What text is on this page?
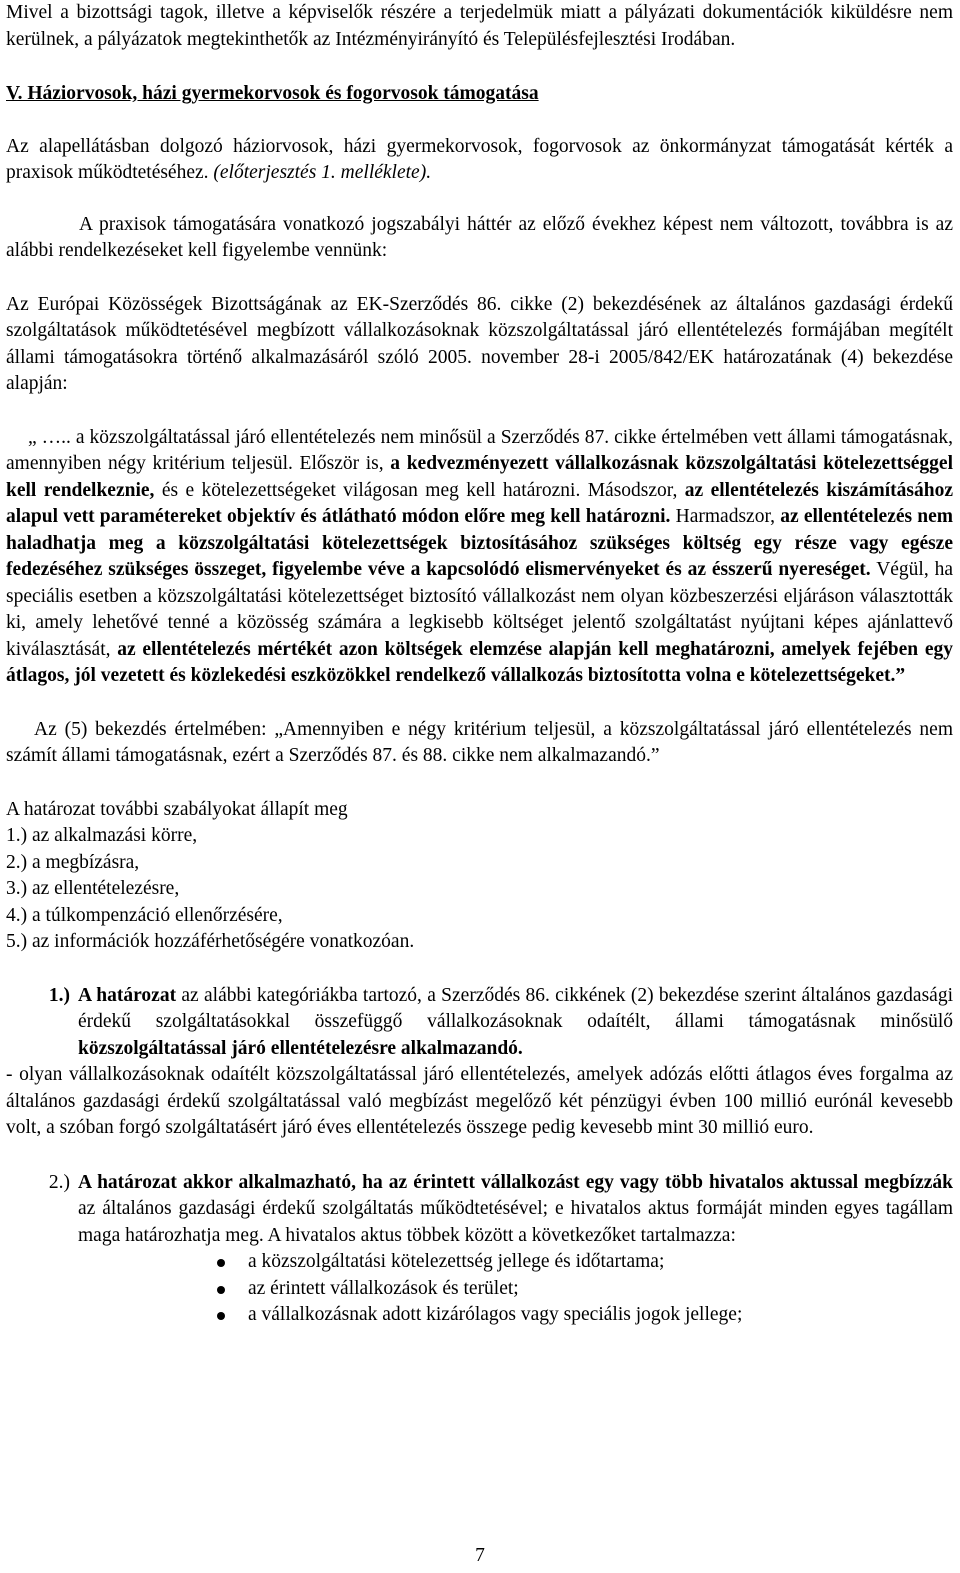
Mivel a bizottsági tagok, illetve a képviselők részére a terjedelmük miatt a pályázati dokumentációk kiküldésre nem kerülnek, a pályázatok megtekinthetők az Intézményirányító és Településfejlesztési Irodában.

V. Háziorvosok, házi gyermekorvosok és fogorvosok támogatása

Az alapellátásban dolgozó háziorvosok, házi gyermekorvosok, fogorvosok az önkormányzat támogatását kérték a praxisok működtetéséhez. (előterjesztés 1. melléklete).

A praxisok támogatására vonatkozó jogszabályi háttér az előző évekhez képest nem változott, továbbra is az alábbi rendelkezéseket kell figyelembe vennünk:

Az Európai Közösségek Bizottságának az EK-Szerződés 86. cikke (2) bekezdésének az általános gazdasági érdekű szolgáltatások működtetésével megbízott vállalkozásoknak közszolgáltatással járó ellentételezés formájában megítélt állami támogatásokra történő alkalmazásáról szóló 2005. november 28-i 2005/842/EK határozatának (4) bekezdése alapján:

„ ….. a közszolgáltatással járó ellentételezés nem minősül a Szerződés 87. cikke értelmében vett állami támogatásnak, amennyiben négy kritérium teljesül. Először is, a kedvezményezett vállalkozásnak közszolgáltatási kötelezettséggel kell rendelkeznie, és e kötelezettségeket világosan meg kell határozni. Másodszor, az ellentételezés kiszámításához alapul vett paramétereket objektív és átlátható módon előre meg kell határozni. Harmadszor, az ellentételezés nem haladhatja meg a közszolgáltatási kötelezettségek biztosításához szükséges költség egy része vagy egésze fedezéséhez szükséges összeget, figyelembe véve a kapcsolódó elismervényeket és az ésszerű nyereséget. Végül, ha speciális esetben a közszolgáltatási kötelezettséget biztosító vállalkozást nem olyan közbeszerzési eljáráson választották ki, amely lehetővé tenné a közösség számára a legkisebb költséget jelentő szolgáltatást nyújtani képes ajánlattevő kiválasztását, az ellentételezés mértékét azon költségek elemzése alapján kell meghatározni, amelyek fejében egy átlagos, jól vezetett és közlekedési eszközökkel rendelkező vállalkozás biztosította volna e kötelezettségeket.”

Az (5) bekezdés értelmében: „Amennyiben e négy kritérium teljesül, a közszolgáltatással járó ellentételezés nem számít állami támogatásnak, ezért a Szerződés 87. és 88. cikke nem alkalmazandó.”

A határozat további szabályokat állapít meg

1.) az alkalmazási körre,

2.) a megbízásra,

3.) az ellentételezésre,

4.) a túlkompenzáció ellenőrzésére,

5.) az információk hozzáférhetőségére vonatkozóan.

1.) A határozat az alábbi kategóriákba tartozó, a Szerződés 86. cikkének (2) bekezdése szerint általános gazdasági érdekű szolgáltatásokkal összefüggő vállalkozásoknak odaítélt, állami támogatásnak minősülő közszolgáltatással járó ellentételezésre alkalmazandó.

- olyan vállalkozásoknak odaítélt közszolgáltatással járó ellentételezés, amelyek adózás előtti átlagos éves forgalma az általános gazdasági érdekű szolgáltatással való megbízást megelőző két pénzügyi évben 100 millió eurónál kevesebb volt, a szóban forgó szolgáltatásért járó éves ellentételezés összege pedig kevesebb mint 30 millió euro.

2.) A határozat akkor alkalmazható, ha az érintett vállalkozást egy vagy több hivatalos aktussal megbízzák az általános gazdasági érdekű szolgáltatás működtetésével; e hivatalos aktus formáját minden egyes tagállam maga határozhatja meg. A hivatalos aktus többek között a következőket tartalmazza:

a közszolgáltatási kötelezettség jellege és időtartama;
az érintett vállalkozások és terület;
a vállalkozásnak adott kizárólagos vagy speciális jogok jellege;
7
